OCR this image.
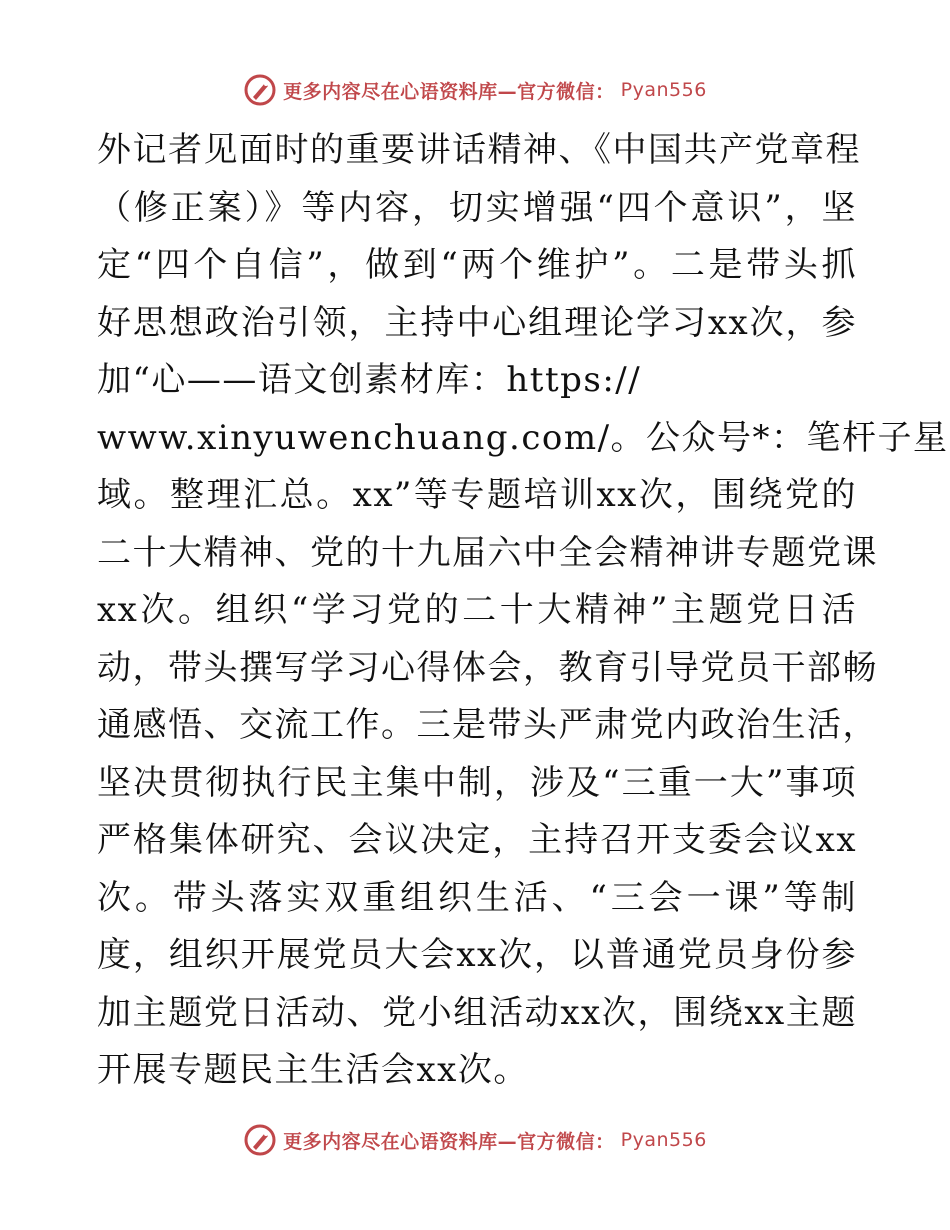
更多内容尽在心语资料库—官方微信： Pyan556
外记者见面时的重要讲话精神、《中国共产党章程
（修正案）》等内容，切实增强“四个意识”，坚
定“四个自信”，做到“两个维护”。二是带头抓
好思想政治引领，主持中心组理论学习xx次，参
加“心——语文创素材库：https://
www.xinyuwenchuang.com/。公众号*：笔杆子星
域。整理汇总。xx”等专题培训xx次，围绕党的
二十大精神、党的十九届六中全会精神讲专题党课
xx次。组织“学习党的二十大精神”主题党日活
动，带头撰写学习心得体会，教育引导党员干部畅
通感悟、交流工作。三是带头严肃党内政治生活，
坚决贯彻执行民主集中制，涉及“三重一大”事项
严格集体研究、会议决定，主持召开支委会议xx
次。带头落实双重组织生活、“三会一课”等制
度，组织开展党员大会xx次，以普通党员身份参
加主题党日活动、党小组活动xx次，围绕xx主题
开展专题民主生活会xx次。
更多内容尽在心语资料库—官方微信： Pyan556
